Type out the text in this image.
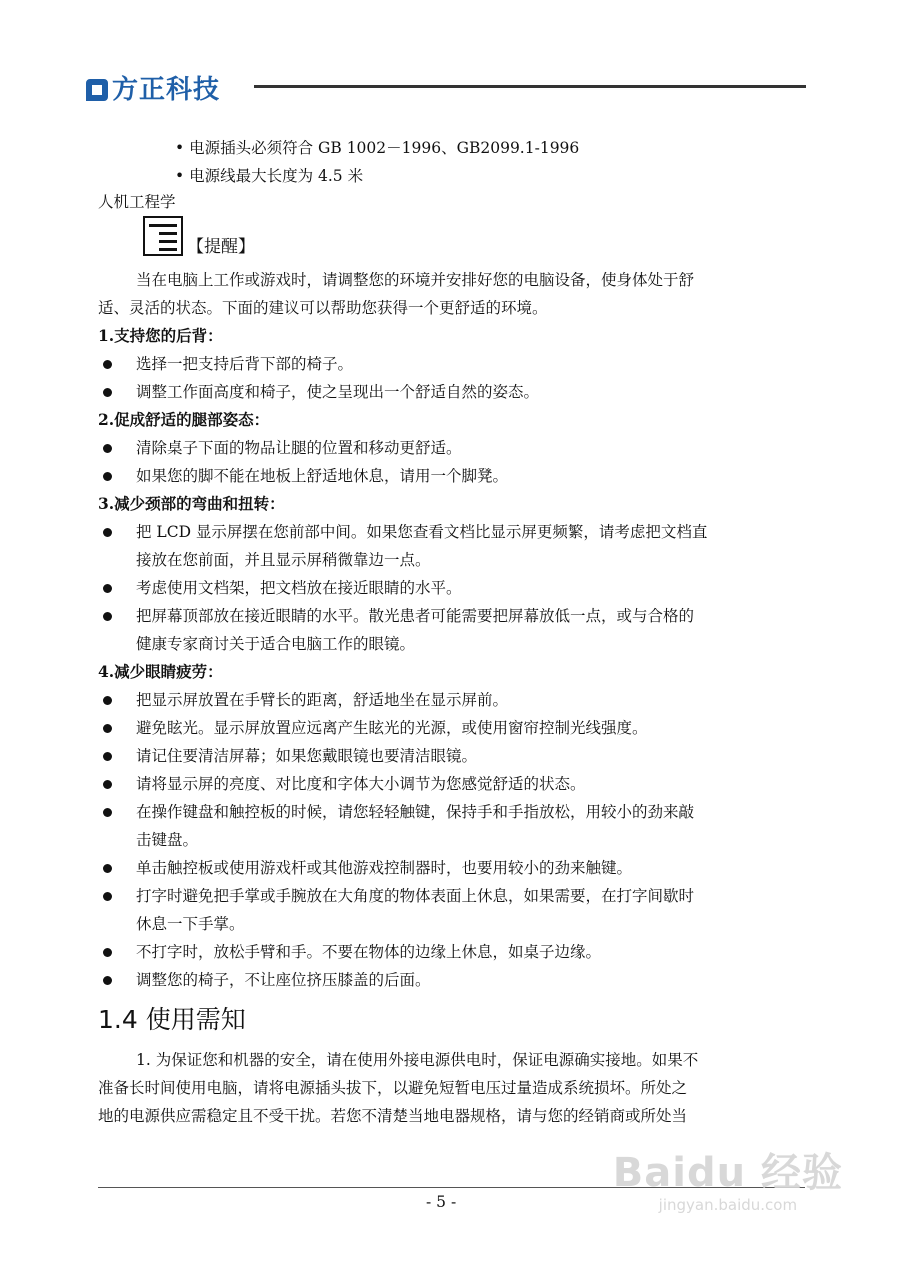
方正科技
• 电源插头必须符合 GB 1002－1996、GB2099.1-1996
• 电源线最大长度为 4.5 米
人机工程学
【提醒】
当在电脑上工作或游戏时，请调整您的环境并安排好您的电脑设备，使身体处于舒
适、灵活的状态。下面的建议可以帮助您获得一个更舒适的环境。
1.支持您的后背：
选择一把支持后背下部的椅子。
调整工作面高度和椅子，使之呈现出一个舒适自然的姿态。
2.促成舒适的腿部姿态：
清除桌子下面的物品让腿的位置和移动更舒适。
如果您的脚不能在地板上舒适地休息，请用一个脚凳。
3.减少颈部的弯曲和扭转：
把 LCD 显示屏摆在您前部中间。如果您查看文档比显示屏更频繁，请考虑把文档直
接放在您前面，并且显示屏稍微靠边一点。
考虑使用文档架，把文档放在接近眼睛的水平。
把屏幕顶部放在接近眼睛的水平。散光患者可能需要把屏幕放低一点，或与合格的
健康专家商讨关于适合电脑工作的眼镜。
4.减少眼睛疲劳：
把显示屏放置在手臂长的距离，舒适地坐在显示屏前。
避免眩光。显示屏放置应远离产生眩光的光源，或使用窗帘控制光线强度。
请记住要清洁屏幕；如果您戴眼镜也要清洁眼镜。
请将显示屏的亮度、对比度和字体大小调节为您感觉舒适的状态。
在操作键盘和触控板的时候，请您轻轻触键，保持手和手指放松，用较小的劲来敲
击键盘。
单击触控板或使用游戏杆或其他游戏控制器时，也要用较小的劲来触键。
打字时避免把手掌或手腕放在大角度的物体表面上休息，如果需要，在打字间歇时
休息一下手掌。
不打字时，放松手臂和手。不要在物体的边缘上休息，如桌子边缘。
调整您的椅子，不让座位挤压膝盖的后面。
1.4 使用需知
1. 为保证您和机器的安全，请在使用外接电源供电时，保证电源确实接地。如果不
准备长时间使用电脑，请将电源插头拔下，以避免短暂电压过量造成系统损坏。所处之
地的电源供应需稳定且不受干扰。若您不清楚当地电器规格，请与您的经销商或所处当
- 5 -
Baidu 经验
jingyan.baidu.com
